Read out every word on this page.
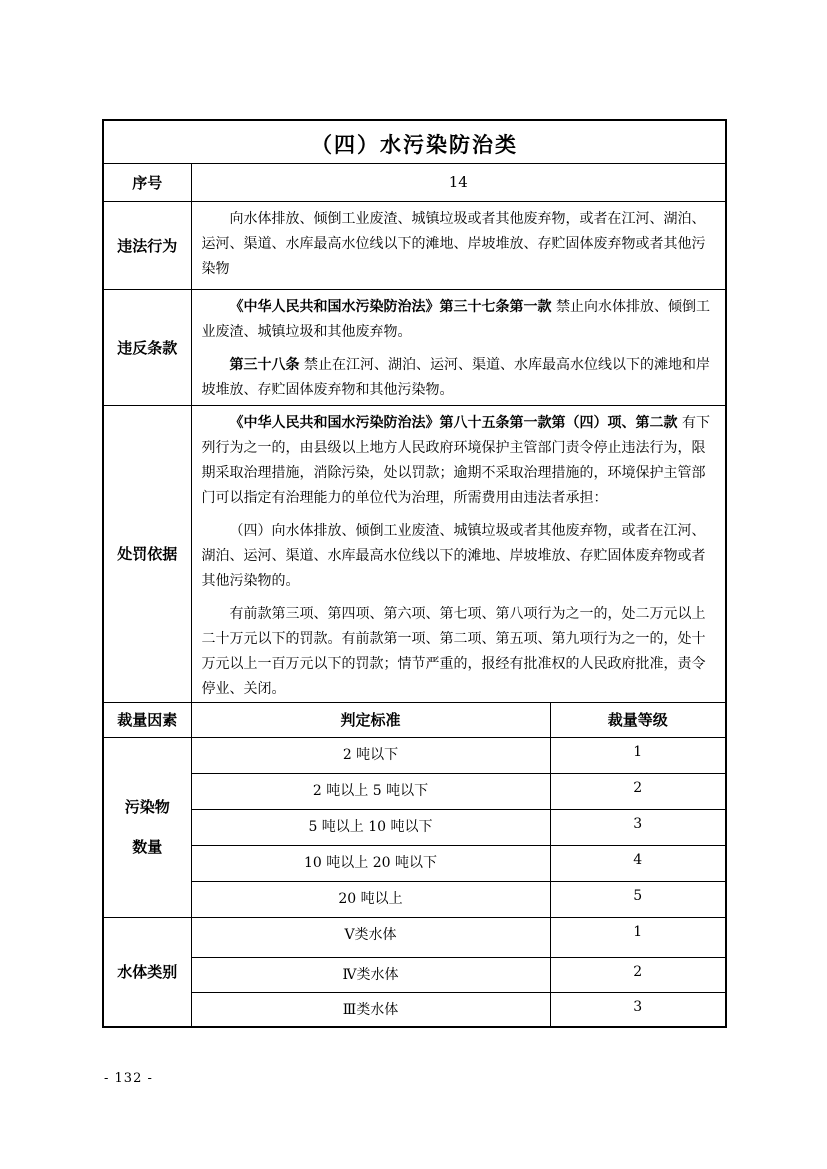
（四）水污染防治类		
序号	14	
违法行为	向水体排放、倾倒工业废渣、城镇垃圾或者其他废弃物，或者在江河、湖泊、运河、渠道、水库最高水位线以下的滩地、岸坡堆放、存贮固体废弃物或者其他污染物	

违反条款	《中华人民共和国水污染防治法》第三十七条第一款 禁止向水体排放、倾倒工业废渣、城镇垃圾和其他废弃物。

第三十八条 禁止在江河、湖泊、运河、渠道、水库最高水位线以下的滩地和岸坡堆放、存贮固体废弃物和其他污染物。	

处罚依据	《中华人民共和国水污染防治法》第八十五条第一款第（四）项、第二款 有下列行为之一的，由县级以上地方人民政府环境保护主管部门责令停止违法行为，限期采取治理措施，消除污染，处以罚款；逾期不采取治理措施的，环境保护主管部门可以指定有治理能力的单位代为治理，所需费用由违法者承担：

（四）向水体排放、倾倒工业废渣、城镇垃圾或者其他废弃物，或者在江河、湖泊、运河、渠道、水库最高水位线以下的滩地、岸坡堆放、存贮固体废弃物或者其他污染物的。

有前款第三项、第四项、第六项、第七项、第八项行为之一的，处二万元以上二十万元以下的罚款。有前款第一项、第二项、第五项、第九项行为之一的，处十万元以上一百万元以下的罚款；情节严重的，报经有批准权的人民政府批准，责令停业、关闭。	

裁量因素	判定标准	裁量等级

污染物
数量	2 吨以下	1
	2 吨以上 5 吨以下	2
	5 吨以上 10 吨以下	3
	10 吨以上 20 吨以下	4
	20 吨以上	5
水体类别	Ⅴ类水体	1
	Ⅳ类水体	2
	Ⅲ类水体	3
- 132 -
